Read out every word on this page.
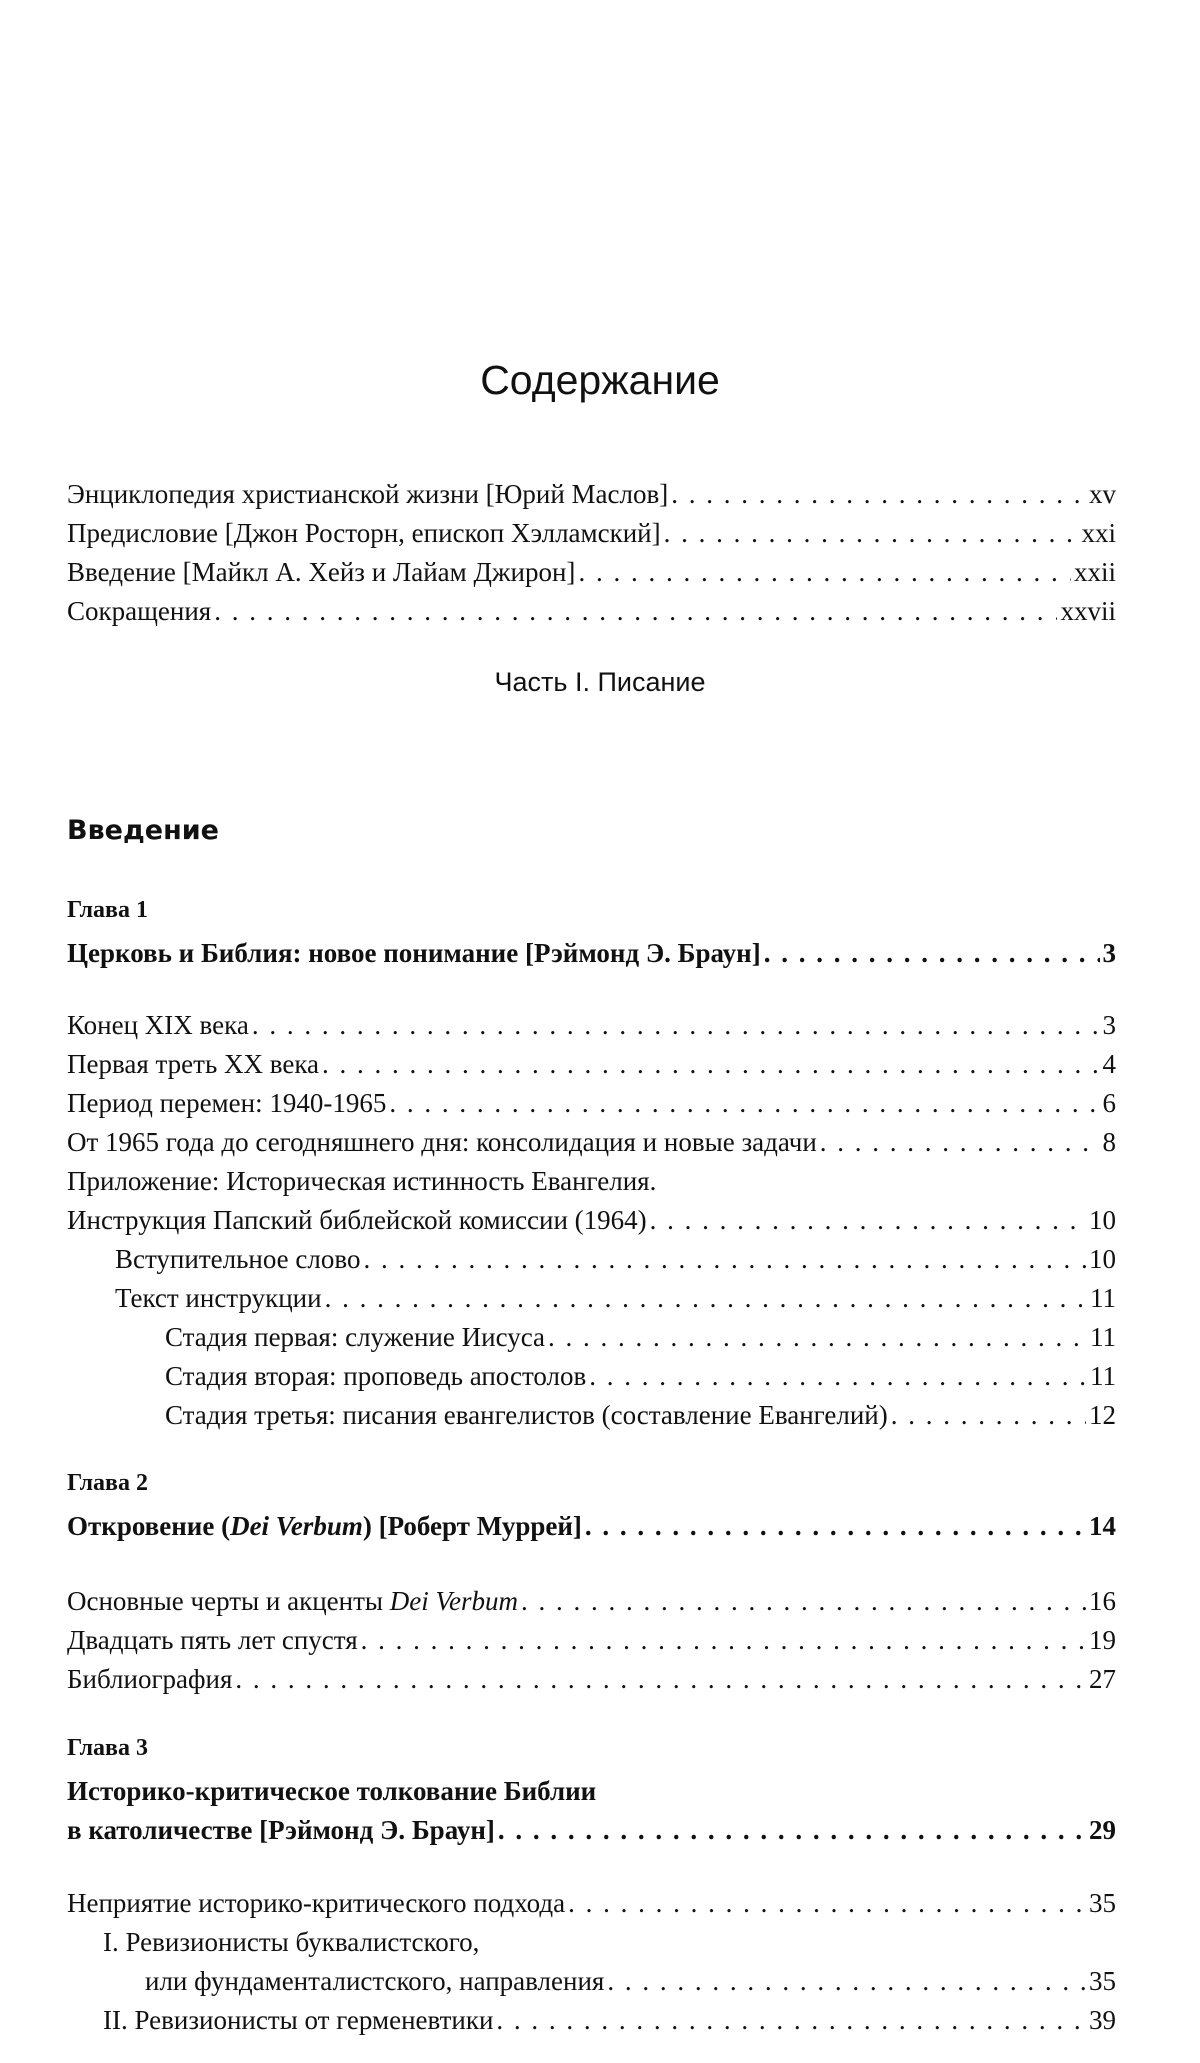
Содержание
Энциклопедия христианской жизни [Юрий Маслов] . . .	xv
Предисловие [Джон Росторн, епископ Хэлламский] . . .	xxi
Введение [Майкл А. Хейз и Лайам Джирон] . . .	xxii
Сокращения . . .	xxvii
Часть I. Писание
Введение
Глава 1
Церковь и Библия: новое понимание [Рэймонд Э. Браун] . . .	3
Конец XIX века . . .	3
Первая треть XX века . . .	4
Период перемен: 1940-1965 . . .	6
От 1965 года до сегодняшнего дня: консолидация и новые задачи . . .	8
Приложение: Историческая истинность Евангелия.
Инструкция Папский библейской комиссии (1964) . . .	10
Вступительное слово . . .	10
Текст инструкции . . .	11
Стадия первая: служение Иисуса . . .	11
Стадия вторая: проповедь апостолов . . .	11
Стадия третья: писания евангелистов (составление Евангелий) . . .	12
Глава 2
Откровение (Dei Verbum) [Роберт Муррей] . . .	14
Основные черты и акценты Dei Verbum . . .	16
Двадцать пять лет спустя . . .	19
Библиография . . .	27
Глава 3
Историко-критическое толкование Библии
в католичестве [Рэймонд Э. Браун] . . .	29
Неприятие историко-критического подхода . . .	35
I. Ревизионисты буквалистского,
или фундаменталистского, направления . . .	35
II. Ревизионисты от герменевтики . . .	39
